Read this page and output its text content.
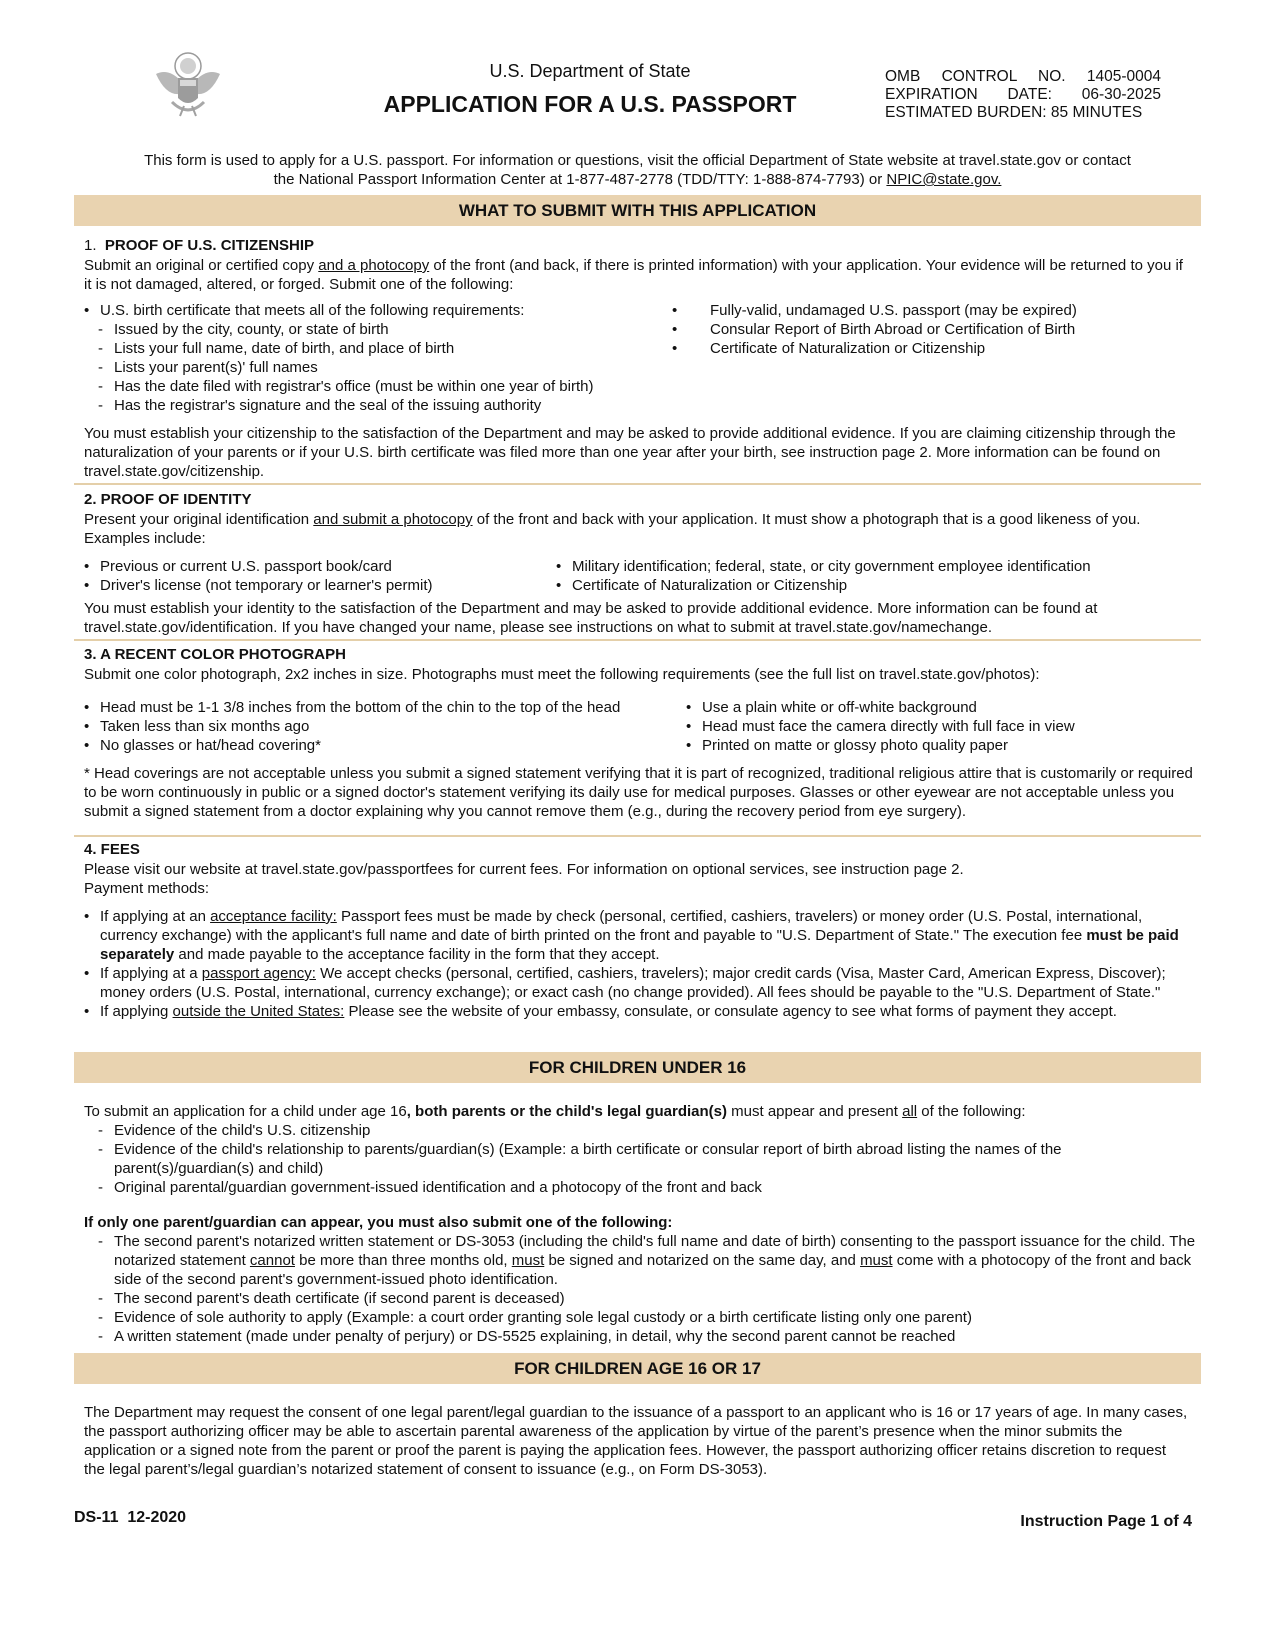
U.S. Department of State
APPLICATION FOR A U.S. PASSPORT
OMB CONTROL NO. 1405-0004
EXPIRATION DATE: 06-30-2025
ESTIMATED BURDEN: 85 MINUTES
This form is used to apply for a U.S. passport. For information or questions, visit the official Department of State website at travel.state.gov or contact
the National Passport Information Center at 1-877-487-2778 (TDD/TTY: 1-888-874-7793) or NPIC@state.gov.
WHAT TO SUBMIT WITH THIS APPLICATION
1. PROOF OF U.S. CITIZENSHIP

Submit an original or certified copy and a photocopy of the front (and back, if there is printed information) with your application. Your evidence will be returned to you if it is not damaged, altered, or forged. Submit one of the following:

• U.S. birth certificate that meets all of the following requirements:
- Issued by the city, county, or state of birth
- Lists your full name, date of birth, and place of birth
- Lists your parent(s)' full names
- Has the date filed with registrar's office (must be within one year of birth)
- Has the registrar's signature and the seal of the issuing authority
• Fully-valid, undamaged U.S. passport (may be expired)
• Consular Report of Birth Abroad or Certification of Birth
• Certificate of Naturalization or Citizenship

You must establish your citizenship to the satisfaction of the Department and may be asked to provide additional evidence. If you are claiming citizenship through the naturalization of your parents or if your U.S. birth certificate was filed more than one year after your birth, see instruction page 2. More information can be found on travel.state.gov/citizenship.

2. PROOF OF IDENTITY

Present your original identification and submit a photocopy of the front and back with your application. It must show a photograph that is a good likeness of you. Examples include:

• Previous or current U.S. passport book/card
• Driver's license (not temporary or learner's permit)
• Military identification; federal, state, or city government employee identification
• Certificate of Naturalization or Citizenship

You must establish your identity to the satisfaction of the Department and may be asked to provide additional evidence. More information can be found at travel.state.gov/identification. If you have changed your name, please see instructions on what to submit at travel.state.gov/namechange.

3. A RECENT COLOR PHOTOGRAPH

Submit one color photograph, 2x2 inches in size. Photographs must meet the following requirements (see the full list on travel.state.gov/photos):

• Head must be 1-1 3/8 inches from the bottom of the chin to the top of the head
• Taken less than six months ago
• No glasses or hat/head covering*
• Use a plain white or off-white background
• Head must face the camera directly with full face in view
• Printed on matte or glossy photo quality paper

* Head coverings are not acceptable unless you submit a signed statement verifying that it is part of recognized, traditional religious attire that is customarily or required to be worn continuously in public or a signed doctor's statement verifying its daily use for medical purposes. Glasses or other eyewear are not acceptable unless you submit a signed statement from a doctor explaining why you cannot remove them (e.g., during the recovery period from eye surgery).

4. FEES

Please visit our website at travel.state.gov/passportfees for current fees. For information on optional services, see instruction page 2.

Payment methods:

• If applying at an acceptance facility: Passport fees must be made by check (personal, certified, cashiers, travelers) or money order (U.S. Postal, international, currency exchange) with the applicant's full name and date of birth printed on the front and payable to "U.S. Department of State." The execution fee must be paid separately and made payable to the acceptance facility in the form that they accept.
• If applying at a passport agency: We accept checks (personal, certified, cashiers, travelers); major credit cards (Visa, Master Card, American Express, Discover); money orders (U.S. Postal, international, currency exchange); or exact cash (no change provided). All fees should be payable to the "U.S. Department of State."
• If applying outside the United States: Please see the website of your embassy, consulate, or consulate agency to see what forms of payment they accept.
FOR CHILDREN UNDER 16

To submit an application for a child under age 16, both parents or the child's legal guardian(s) must appear and present all of the following:

- Evidence of the child's U.S. citizenship
- Evidence of the child's relationship to parents/guardian(s) (Example: a birth certificate or consular report of birth abroad listing the names of the parent(s)/guardian(s) and child)
- Original parental/guardian government-issued identification and a photocopy of the front and back
If only one parent/guardian can appear, you must also submit one of the following:
- The second parent's notarized written statement or DS-3053 (including the child's full name and date of birth) consenting to the passport issuance for the child. The notarized statement cannot be more than three months old, must be signed and notarized on the same day, and must come with a photocopy of the front and back side of the second parent's government-issued photo identification.
- The second parent's death certificate (if second parent is deceased)
- Evidence of sole authority to apply (Example: a court order granting sole legal custody or a birth certificate listing only one parent)
- A written statement (made under penalty of perjury) or DS-5525 explaining, in detail, why the second parent cannot be reached
FOR CHILDREN AGE 16 OR 17

The Department may request the consent of one legal parent/legal guardian to the issuance of a passport to an applicant who is 16 or 17 years of age. In many cases, the passport authorizing officer may be able to ascertain parental awareness of the application by virtue of the parent’s presence when the minor submits the application or a signed note from the parent or proof the parent is paying the application fees. However, the passport authorizing officer retains discretion to request the legal parent’s/legal guardian’s notarized statement of consent to issuance (e.g., on Form DS-3053).

DS-11  12-2020	Instruction Page 1 of 4
